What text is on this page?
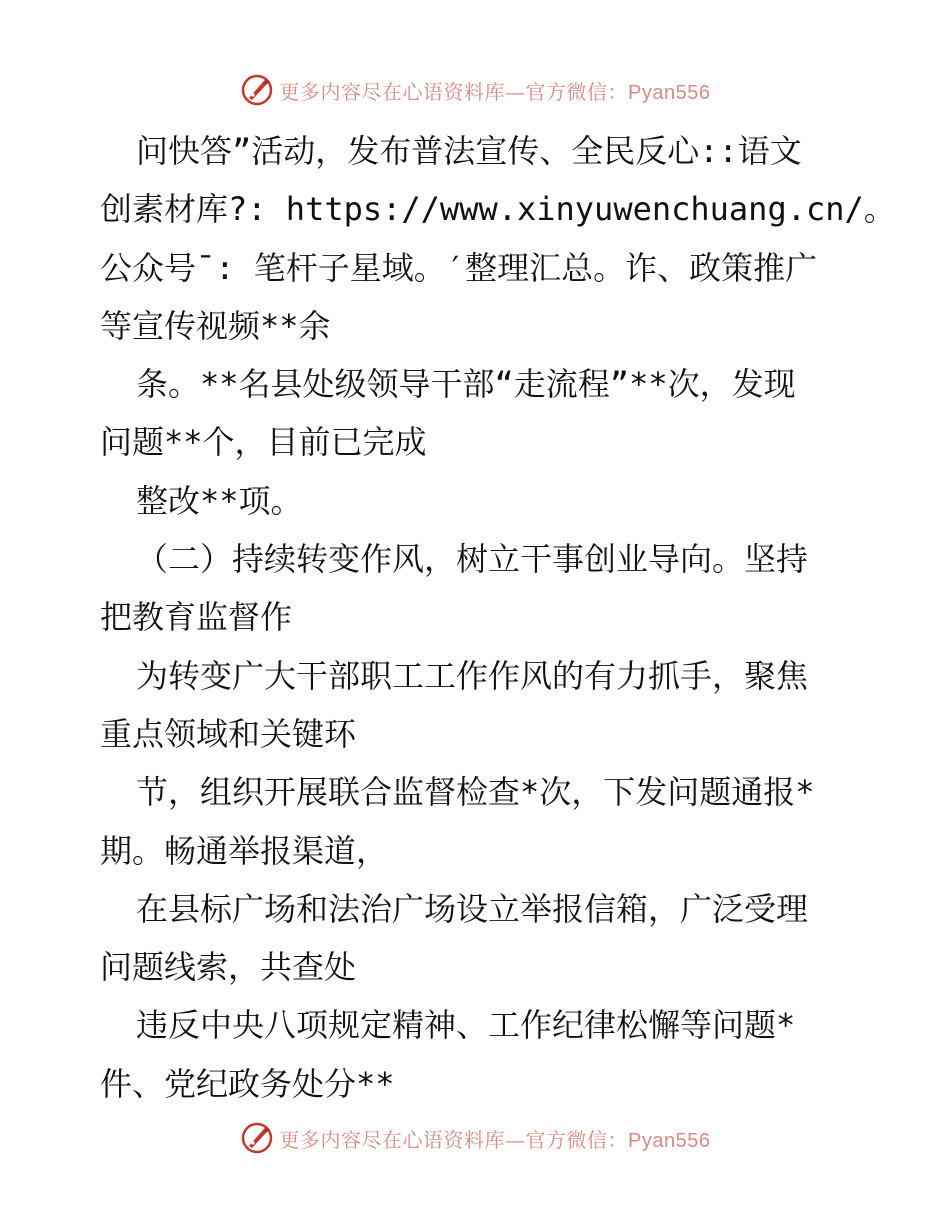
更多内容尽在心语资料库—官方微信：Pyan556
问快答”活动，发布普法宣传、全民反心::语文
创素材库?: https://www.xinyuwenchuang.cn/。
公众号¯: 笔杆子星域。′整理汇总。诈、政策推广
等宣传视频**余
条。**名县处级领导干部“走流程”**次，发现
问题**个，目前已完成
整改**项。
（二）持续转变作风，树立干事创业导向。坚持
把教育监督作
为转变广大干部职工工作作风的有力抓手，聚焦
重点领域和关键环
节，组织开展联合监督检查*次，下发问题通报*
期。畅通举报渠道，
在县标广场和法治广场设立举报信箱，广泛受理
问题线索，共查处
违反中央八项规定精神、工作纪律松懈等问题*
件、党纪政务处分**
更多内容尽在心语资料库—官方微信：Pyan556
